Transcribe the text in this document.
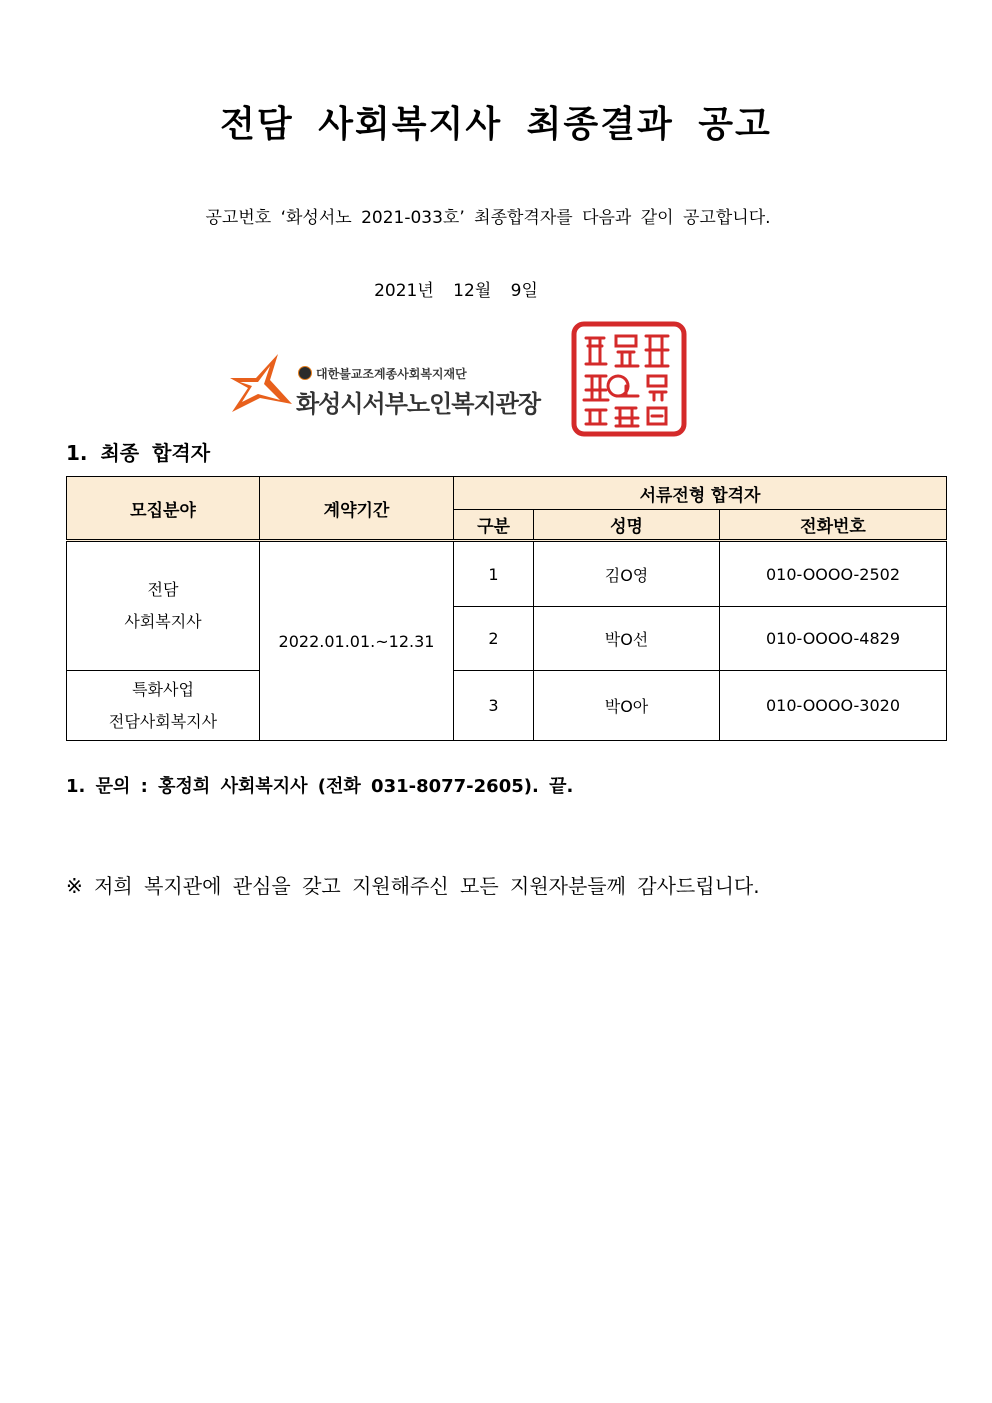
전담 사회복지사 최종결과 공고
공고번호 ‘화성서노 2021-033호’ 최종합격자를 다음과 같이 공고합니다.
2021년 12월 9일
대한불교조계종사회복지재단
화성시서부노인복지관장
1. 최종 합격자
모집분야	계약기간	서류전형 합격자		
		구분	성명	전화번호

전담
사회복지사	2022.01.01.~12.31	1	김O영	010-OOOO-2502
		2	박O선	010-OOOO-4829

특화사업
전담사회복지사		3	박O아	010-OOOO-3020
1. 문의 : 홍정희 사회복지사 (전화 031-8077-2605). 끝.
※ 저희 복지관에 관심을 갖고 지원해주신 모든 지원자분들께 감사드립니다.
